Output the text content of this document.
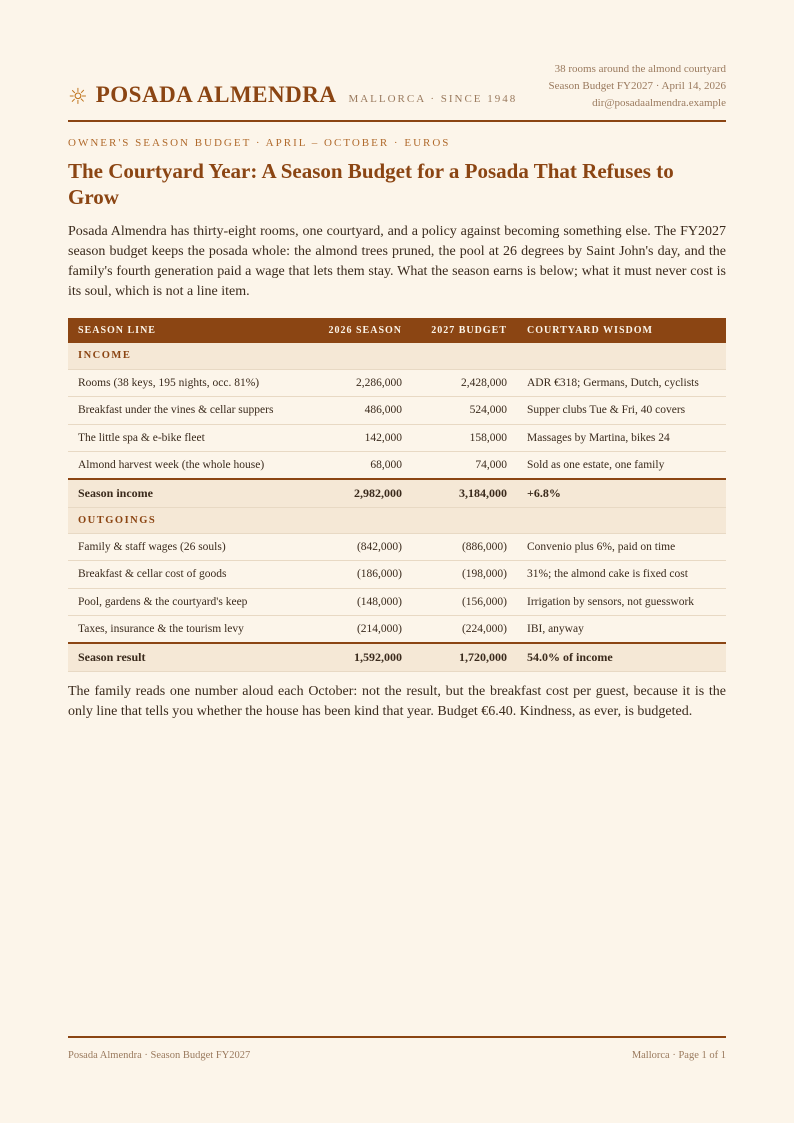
☼ POSADA ALMENDRA MALLORCA · SINCE 1948
38 rooms around the almond courtyard
Season Budget FY2027 · April 14, 2026
dir@posadaalmendra.example
OWNER'S SEASON BUDGET · APRIL – OCTOBER · EUROS
The Courtyard Year: A Season Budget for a Posada That Refuses to Grow

Posada Almendra has thirty-eight rooms, one courtyard, and a policy against becoming something else. The FY2027 season budget keeps the posada whole: the almond trees pruned, the pool at 26 degrees by Saint John's day, and the family's fourth generation paid a wage that lets them stay. What the season earns is below; what it must never cost is its soul, which is not a line item.

SEASON LINE	2026 SEASON	2027 BUDGET	COURTYARD WISDOM
INCOME			
Rooms (38 keys, 195 nights, occ. 81%)	2,286,000	2,428,000	ADR €318; Germans, Dutch, cyclists
Breakfast under the vines & cellar suppers	486,000	524,000	Supper clubs Tue & Fri, 40 covers
The little spa & e-bike fleet	142,000	158,000	Massages by Martina, bikes 24
Almond harvest week (the whole house)	68,000	74,000	Sold as one estate, one family
Season income	2,982,000	3,184,000	+6.8%
OUTGOINGS			
Family & staff wages (26 souls)	(842,000)	(886,000)	Convenio plus 6%, paid on time
Breakfast & cellar cost of goods	(186,000)	(198,000)	31%; the almond cake is fixed cost
Pool, gardens & the courtyard's keep	(148,000)	(156,000)	Irrigation by sensors, not guesswork
Taxes, insurance & the tourism levy	(214,000)	(224,000)	IBI, anyway
Season result	1,592,000	1,720,000	54.0% of income

The family reads one number aloud each October: not the result, but the breakfast cost per guest, because it is the only line that tells you whether the house has been kind that year. Budget €6.40. Kindness, as ever, is budgeted.

Posada Almendra · Season Budget FY2027	Mallorca · Page 1 of 1
